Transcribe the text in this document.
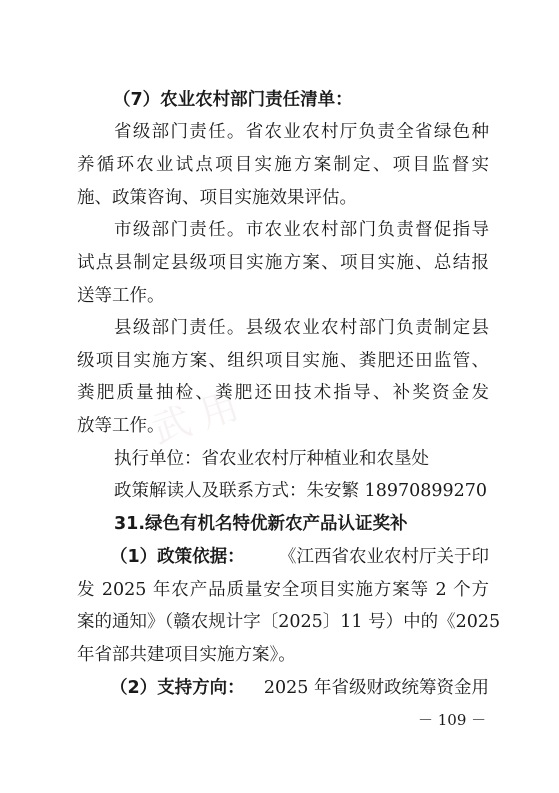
武用
（7）农业农村部门责任清单：
省级部门责任。省农业农村厅负责全省绿色种
养循环农业试点项目实施方案制定、项目监督实
施、政策咨询、项目实施效果评估。
市级部门责任。市农业农村部门负责督促指导
试点县制定县级项目实施方案、项目实施、总结报
送等工作。
县级部门责任。县级农业农村部门负责制定县
级项目实施方案、组织项目实施、粪肥还田监管、
粪肥质量抽检、粪肥还田技术指导、补奖资金发
放等工作。
执行单位：省农业农村厅种植业和农垦处
政策解读人及联系方式：朱安繁 18970899270
31.绿色有机名特优新农产品认证奖补
（1）政策依据： 《江西省农业农村厅关于印
发 2025 年农产品质量安全项目实施方案等 2 个方
案的通知》（赣农规计字〔2025〕11 号）中的《2025
年省部共建项目实施方案》。
（2）支持方向： 2025 年省级财政统筹资金用
－ 109 －
